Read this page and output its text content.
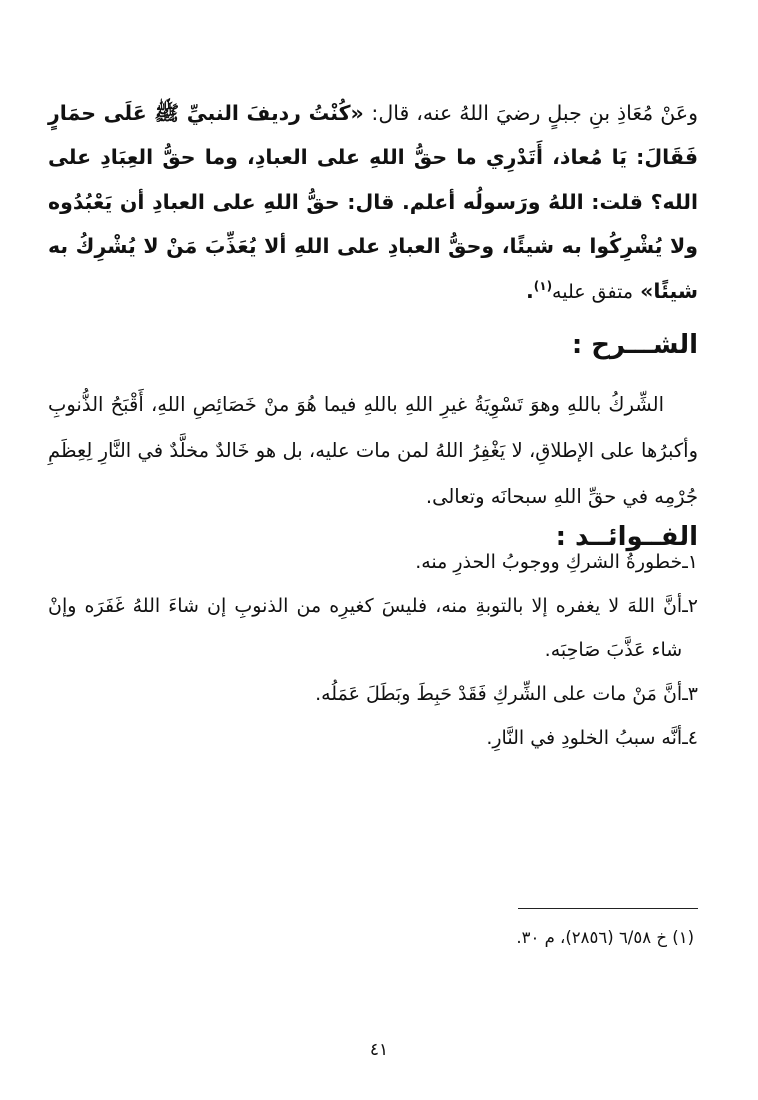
وعَنْ مُعَاذِ بنِ جبلٍ رضيَ اللهُ عنه، قال: «كُنْتُ رديفَ النبيِّ ﷺ عَلَى حمَارٍ فَقَالَ: يَا مُعاذ، أَتَدْرِي ما حقُّ اللهِ على العبادِ، وما حقُّ العِبَادِ على الله؟ قلت: اللهُ ورَسولُه أعلم. قال: حقُّ اللهِ على العبادِ أن يَعْبُدُوه ولا يُشْرِكُوا به شيئًا، وحقُّ العبادِ على اللهِ ألا يُعَذِّبَ مَنْ لا يُشْرِكُ به شيئًا» متفق عليه$^{(١)}$.

الشـــرح :

الشِّركُ باللهِ وهوَ تَسْوِيَةُ غيرِ اللهِ باللهِ فيما هُوَ منْ خَصَائِصِ اللهِ، أَقْبَحُ الذُّنوبِ وأكبرُها على الإطلاقِ، لا يَغْفِرُ اللهُ لمن مات عليه، بل هو خَالدٌ مخلَّدٌ في النَّارِ لِعِظَمِ جُرْمِه في حقِّ اللهِ سبحانَه وتعالى.

الفــوائــد :
١ـ
خطورةُ الشركِ ووجوبُ الحذرِ منه.
٢ـ
أنَّ اللهَ لا يغفره إلا بالتوبةِ منه، فليسَ كغيرِه من الذنوبِ إن شاءَ اللهُ غَفَرَه وإنْ شاء عَذَّبَ صَاحِبَه.
٣ـ
أنَّ مَنْ مات على الشِّركِ فَقَدْ حَبِطَ وبَطَلَ عَمَلُه.
٤ـ
أنَّه سببُ الخلودِ في النَّارِ.
(١) خ ٦/٥٨ (٢٨٥٦)، م ٣٠.
٤١
